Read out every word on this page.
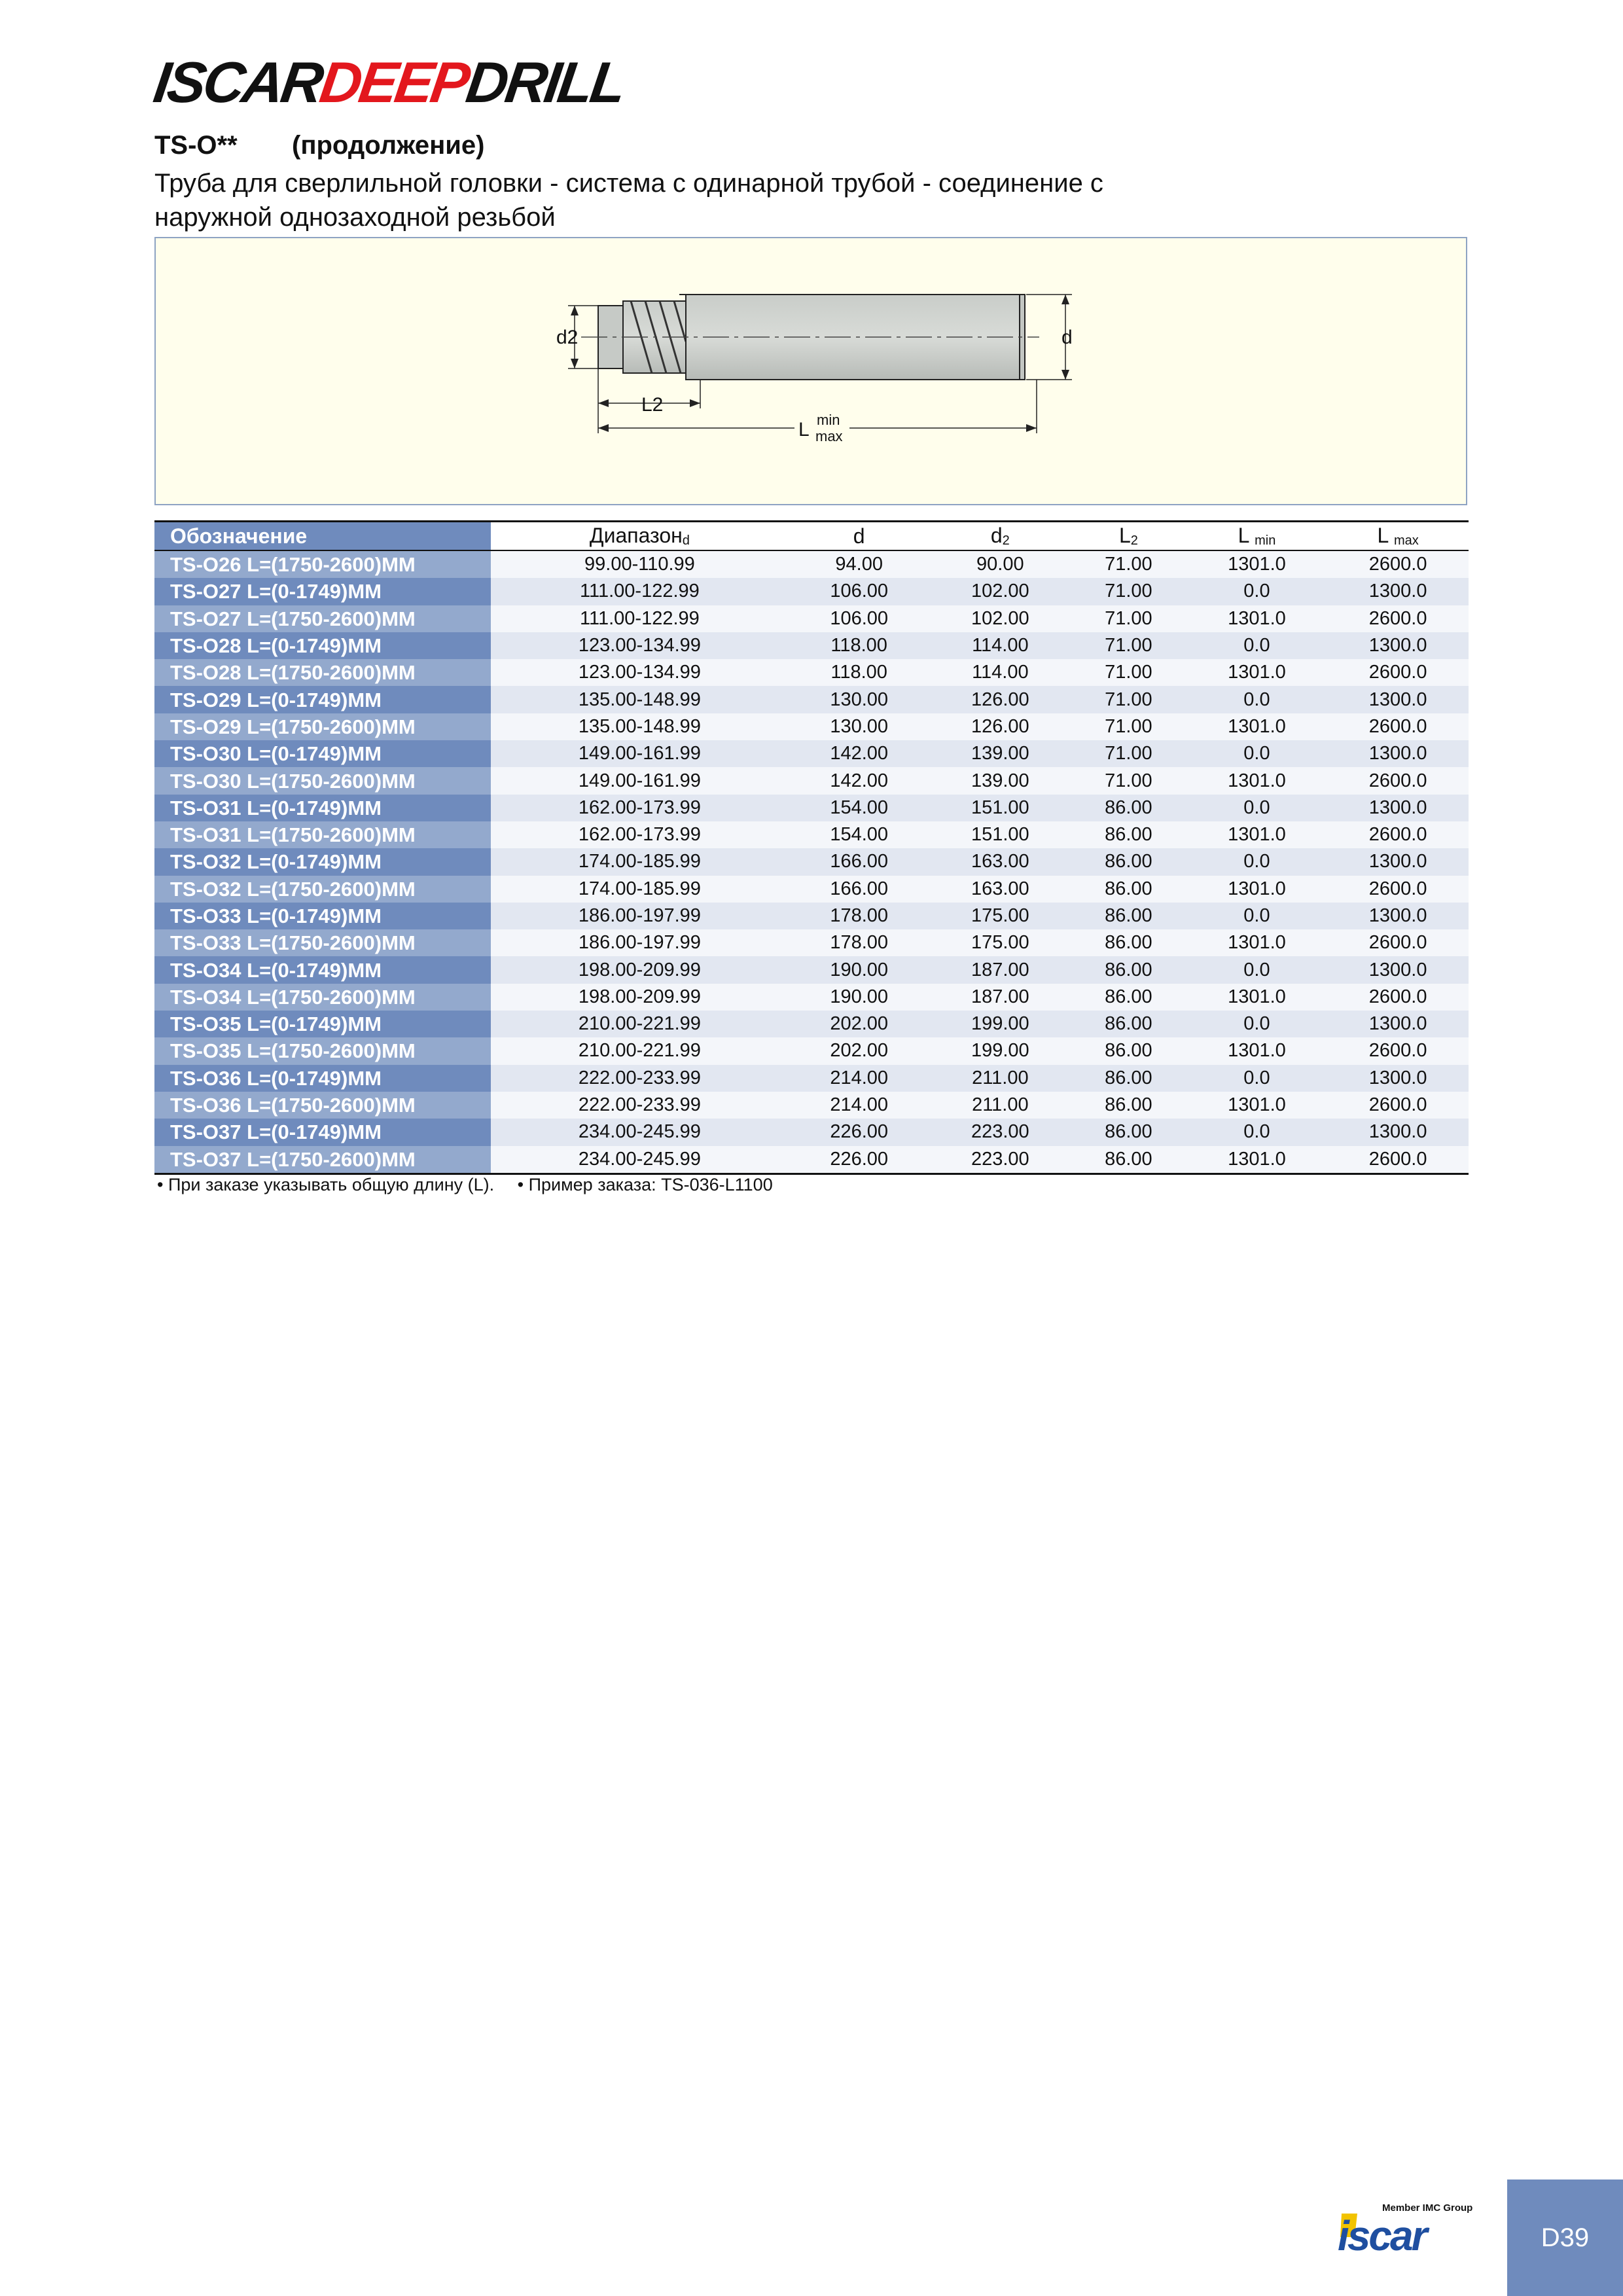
ISCARDEEPDRILL
TS-O** (продолжение)
Труба для сверлильной головки - система с одинарной трубой - соединение с наружной однозаходной резьбой
d2	d
L2
L min
max
Обозначение	Диапазонd	d	d2	L2	L min	L max
TS-O26 L=(1750-2600)MM	99.00-110.99	94.00	90.00	71.00	1301.0	2600.0
TS-O27 L=(0-1749)MM	111.00-122.99	106.00	102.00	71.00	0.0	1300.0
TS-O27 L=(1750-2600)MM	111.00-122.99	106.00	102.00	71.00	1301.0	2600.0
TS-O28 L=(0-1749)MM	123.00-134.99	118.00	114.00	71.00	0.0	1300.0
TS-O28 L=(1750-2600)MM	123.00-134.99	118.00	114.00	71.00	1301.0	2600.0
TS-O29 L=(0-1749)MM	135.00-148.99	130.00	126.00	71.00	0.0	1300.0
TS-O29 L=(1750-2600)MM	135.00-148.99	130.00	126.00	71.00	1301.0	2600.0
TS-O30 L=(0-1749)MM	149.00-161.99	142.00	139.00	71.00	0.0	1300.0
TS-O30 L=(1750-2600)MM	149.00-161.99	142.00	139.00	71.00	1301.0	2600.0
TS-O31 L=(0-1749)MM	162.00-173.99	154.00	151.00	86.00	0.0	1300.0
TS-O31 L=(1750-2600)MM	162.00-173.99	154.00	151.00	86.00	1301.0	2600.0
TS-O32 L=(0-1749)MM	174.00-185.99	166.00	163.00	86.00	0.0	1300.0
TS-O32 L=(1750-2600)MM	174.00-185.99	166.00	163.00	86.00	1301.0	2600.0
TS-O33 L=(0-1749)MM	186.00-197.99	178.00	175.00	86.00	0.0	1300.0
TS-O33 L=(1750-2600)MM	186.00-197.99	178.00	175.00	86.00	1301.0	2600.0
TS-O34 L=(0-1749)MM	198.00-209.99	190.00	187.00	86.00	0.0	1300.0
TS-O34 L=(1750-2600)MM	198.00-209.99	190.00	187.00	86.00	1301.0	2600.0
TS-O35 L=(0-1749)MM	210.00-221.99	202.00	199.00	86.00	0.0	1300.0
TS-O35 L=(1750-2600)MM	210.00-221.99	202.00	199.00	86.00	1301.0	2600.0
TS-O36 L=(0-1749)MM	222.00-233.99	214.00	211.00	86.00	0.0	1300.0
TS-O36 L=(1750-2600)MM	222.00-233.99	214.00	211.00	86.00	1301.0	2600.0
TS-O37 L=(0-1749)MM	234.00-245.99	226.00	223.00	86.00	0.0	1300.0
TS-O37 L=(1750-2600)MM	234.00-245.99	226.00	223.00	86.00	1301.0	2600.0
• При заказе указывать общую длину (L). • Пример заказа: TS-036-L1100
Member IMC Group
iscar	D39
